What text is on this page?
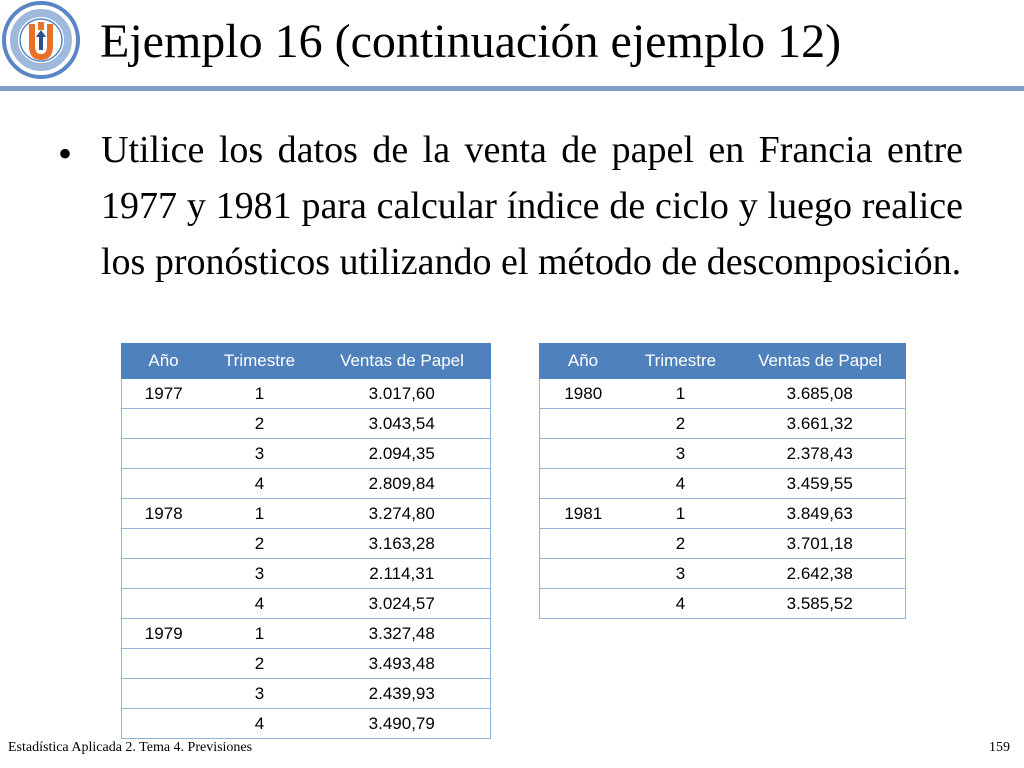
Ejemplo 16 (continuación ejemplo 12)
• Utilice los datos de la venta de papel en Francia entre 1977 y 1981 para calcular índice de ciclo y luego realice los pronósticos utilizando el método de descomposición.
Año	Trimestre	Ventas de Papel
1977	1	3.017,60
	2	3.043,54
	3	2.094,35
	4	2.809,84
1978	1	3.274,80
	2	3.163,28
	3	2.114,31
	4	3.024,57
1979	1	3.327,48
	2	3.493,48
	3	2.439,93
	4	3.490,79
Año	Trimestre	Ventas de Papel
1980	1	3.685,08
	2	3.661,32
	3	2.378,43
	4	3.459,55
1981	1	3.849,63
	2	3.701,18
	3	2.642,38
	4	3.585,52
Estadística Aplicada 2. Tema 4. Previsiones	159
